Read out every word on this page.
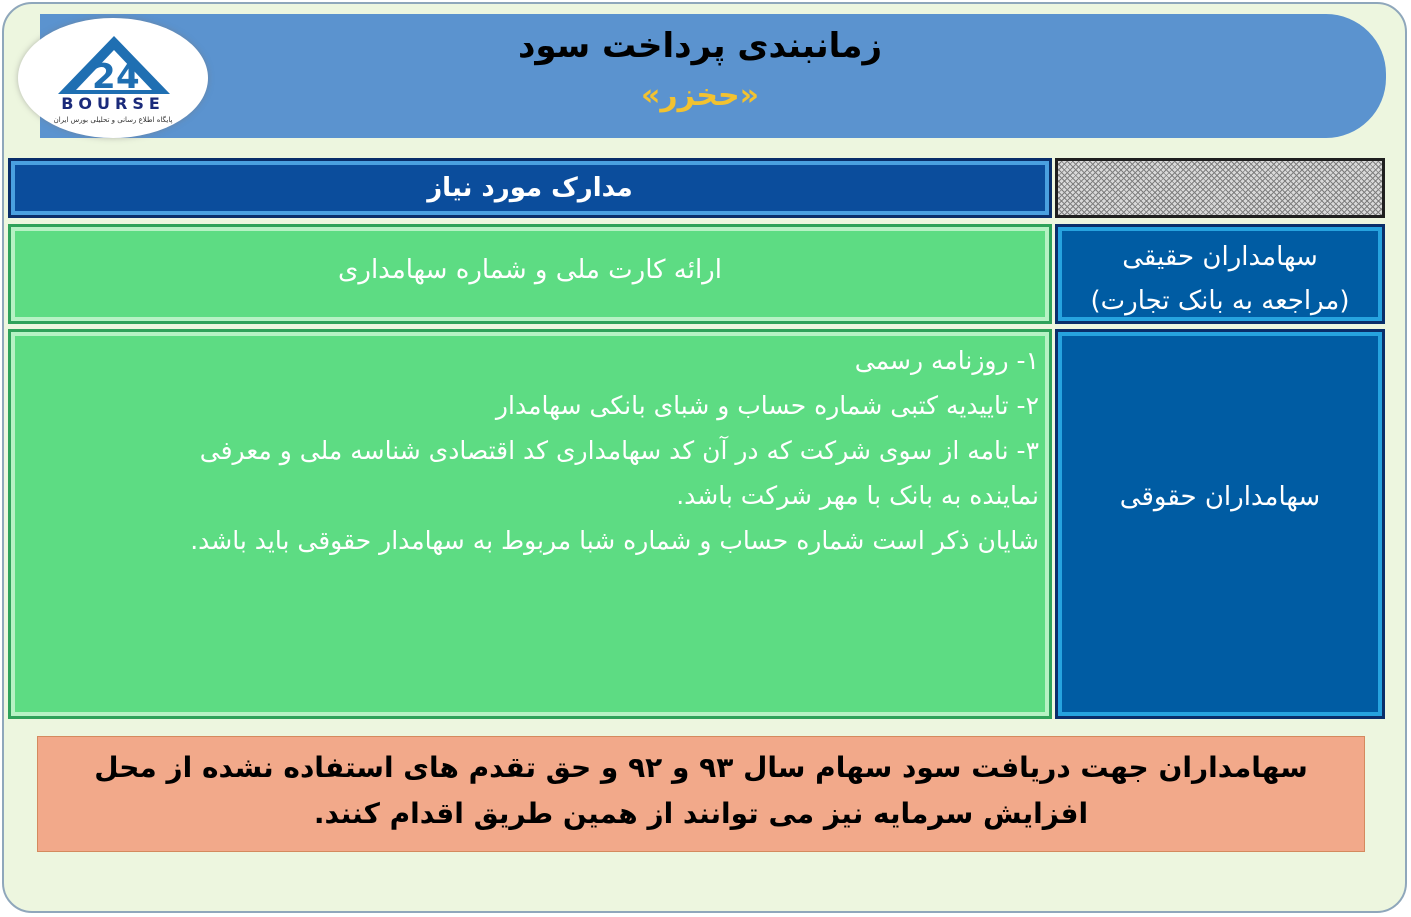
2 4
BOURSE
پایگاه اطلاع رسانی و تحلیلی بورس ایران
زمانبندی پرداخت سود
«حخزر»
مدارک مورد نیاز
ارائه کارت ملی و شماره سهامداری	سهامداران حقیقی
(مراجعه به بانک تجارت)
۱- روزنامه رسمی
۲- تاییدیه کتبی شماره حساب و شبای بانکی سهامدار
۳- نامه از سوی شرکت که در آن کد سهامداری کد اقتصادی شناسه ملی و معرفی
نماینده به بانک با مهر شرکت باشد.
شایان ذکر است شماره حساب و شماره شبا مربوط به سهامدار حقوقی باید باشد.
سهامداران حقوقی
سهامداران جهت دریافت سود سهام سال ۹۳ و ۹۲ و حق تقدم های استفاده نشده از محل
افزایش سرمایه نیز می توانند از همین طریق اقدام کنند.
